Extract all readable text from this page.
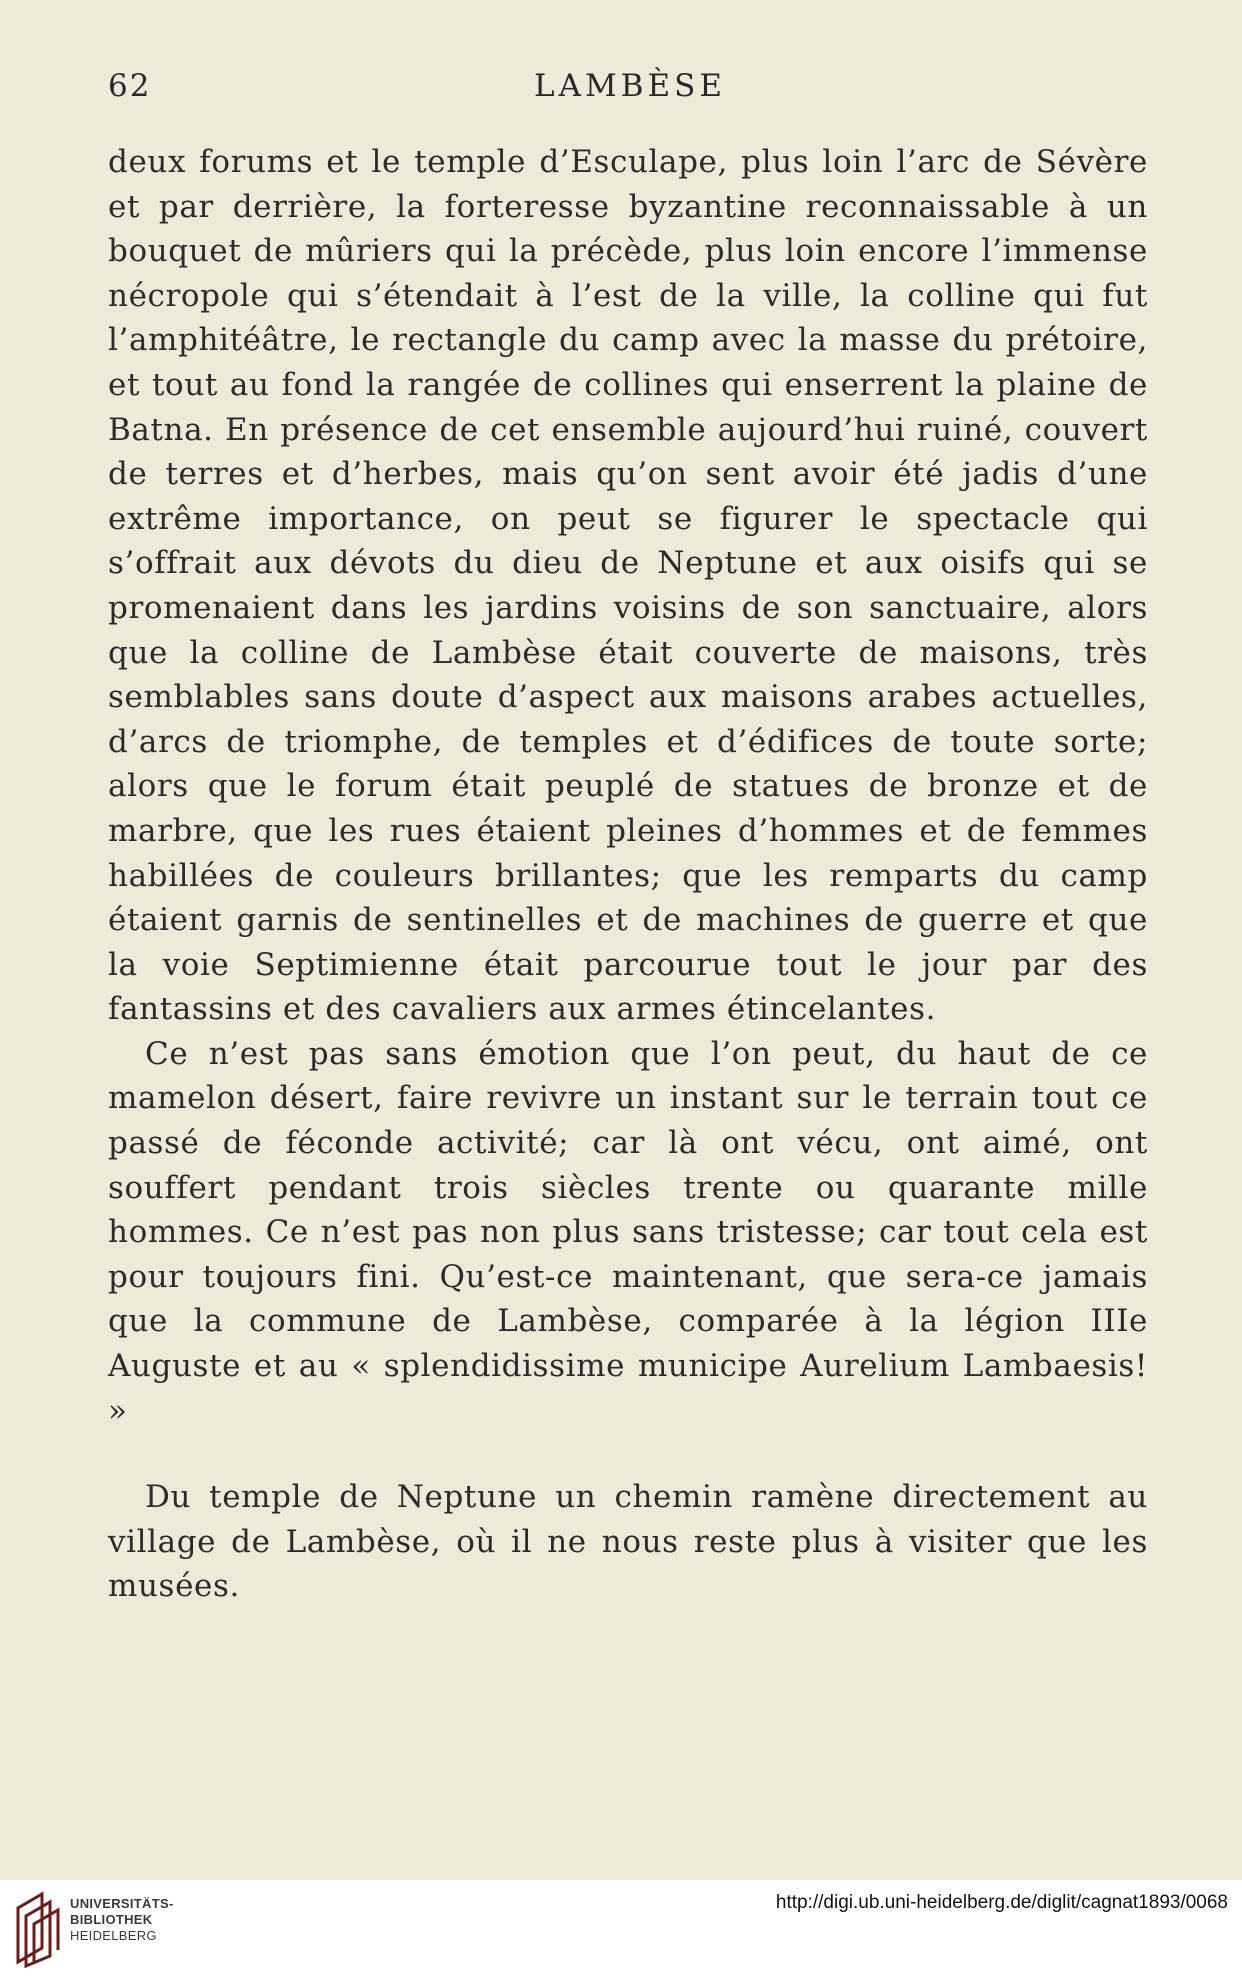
62	LAMBÈSE

deux forums et le temple d’Esculape, plus loin l’arc de Sévère et par derrière, la forteresse byzantine reconnaissable à un bouquet de mûriers qui la précède, plus loin encore l’immense nécropole qui s’étendait à l’est de la ville, la colline qui fut l’amphitéâtre, le rectangle du camp avec la masse du prétoire, et tout au fond la rangée de collines qui enserrent la plaine de Batna. En présence de cet ensemble aujourd’hui ruiné, couvert de terres et d’herbes, mais qu’on sent avoir été jadis d’une extrême importance, on peut se figurer le spectacle qui s’offrait aux dévots du dieu de Neptune et aux oisifs qui se promenaient dans les jardins voisins de son sanctuaire, alors que la colline de Lambèse était couverte de maisons, très semblables sans doute d’aspect aux maisons arabes actuelles, d’arcs de triomphe, de temples et d’édifices de toute sorte; alors que le forum était peuplé de statues de bronze et de marbre, que les rues étaient pleines d’hommes et de femmes habillées de couleurs brillantes; que les remparts du camp étaient garnis de sentinelles et de machines de guerre et que la voie Septimienne était parcourue tout le jour par des fantassins et des cavaliers aux armes étincelantes.

Ce n’est pas sans émotion que l’on peut, du haut de ce mamelon désert, faire revivre un instant sur le terrain tout ce passé de féconde activité; car là ont vécu, ont aimé, ont souffert pendant trois siècles trente ou quarante mille hommes. Ce n’est pas non plus sans tristesse; car tout cela est pour toujours fini. Qu’est-ce maintenant, que sera-ce jamais que la commune de Lambèse, comparée à la légion IIIe Auguste et au « splendidissime municipe Aurelium Lambaesis! »

Du temple de Neptune un chemin ramène directement au village de Lambèse, où il ne nous reste plus à visiter que les musées.

UNIVERSITÄTS-
BIBLIOTHEK
HEIDELBERG
http://digi.ub.uni-heidelberg.de/diglit/cagnat1893/0068
